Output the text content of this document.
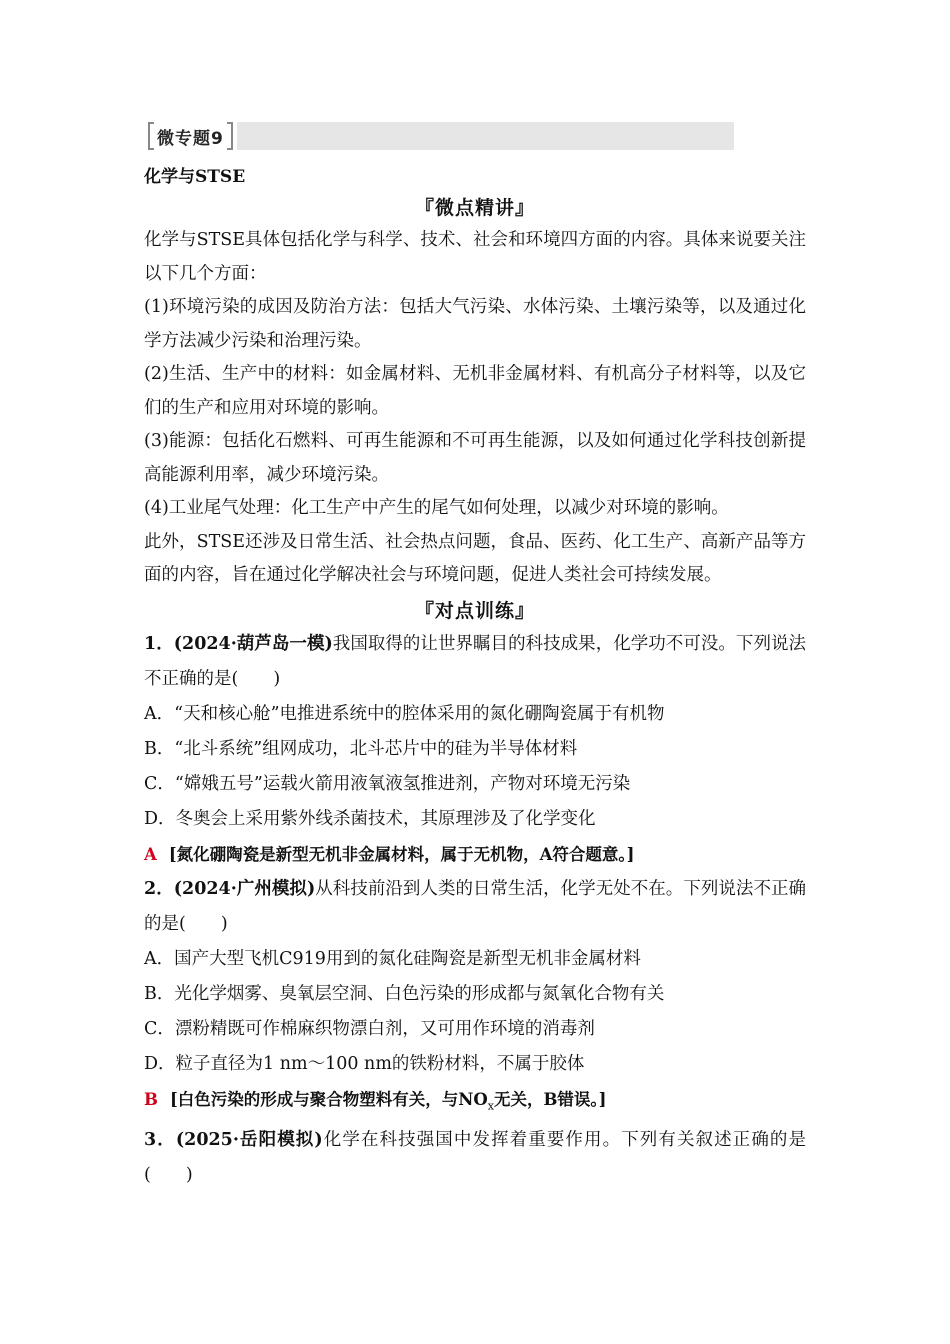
微专题9
化学与STSE
『微点精讲』

化学与STSE具体包括化学与科学、技术、社会和环境四方面的内容。具体来说要关注以下几个方面：

(1)环境污染的成因及防治方法：包括大气污染、水体污染、土壤污染等，以及通过化学方法减少污染和治理污染。

(2)生活、生产中的材料：如金属材料、无机非金属材料、有机高分子材料等，以及它们的生产和应用对环境的影响。

(3)能源：包括化石燃料、可再生能源和不可再生能源，以及如何通过化学科技创新提高能源利用率，减少环境污染。

(4)工业尾气处理：化工生产中产生的尾气如何处理，以减少对环境的影响。

此外，STSE还涉及日常生活、社会热点问题，食品、医药、化工生产、高新产品等方面的内容，旨在通过化学解决社会与环境问题，促进人类社会可持续发展。

『对点训练』

1．(2024·葫芦岛一模)我国取得的让世界瞩目的科技成果，化学功不可没。下列说法不正确的是(　　)

A．“天和核心舱”电推进系统中的腔体采用的氮化硼陶瓷属于有机物

B．“北斗系统”组网成功，北斗芯片中的硅为半导体材料

C．“嫦娥五号”运载火箭用液氧液氢推进剂，产物对环境无污染

D．冬奥会上采用紫外线杀菌技术，其原理涉及了化学变化

A [氮化硼陶瓷是新型无机非金属材料，属于无机物，A符合题意。]

2．(2024·广州模拟)从科技前沿到人类的日常生活，化学无处不在。下列说法不正确的是(　　)

A．国产大型飞机C919用到的氮化硅陶瓷是新型无机非金属材料

B．光化学烟雾、臭氧层空洞、白色污染的形成都与氮氧化合物有关

C．漂粉精既可作棉麻织物漂白剂，又可用作环境的消毒剂

D．粒子直径为1 nm～100 nm的铁粉材料，不属于胶体

B [白色污染的形成与聚合物塑料有关，与$NO_x$无关，B错误。]

3．(2025·岳阳模拟)化学在科技强国中发挥着重要作用。下列有关叙述正确的是(　　)
